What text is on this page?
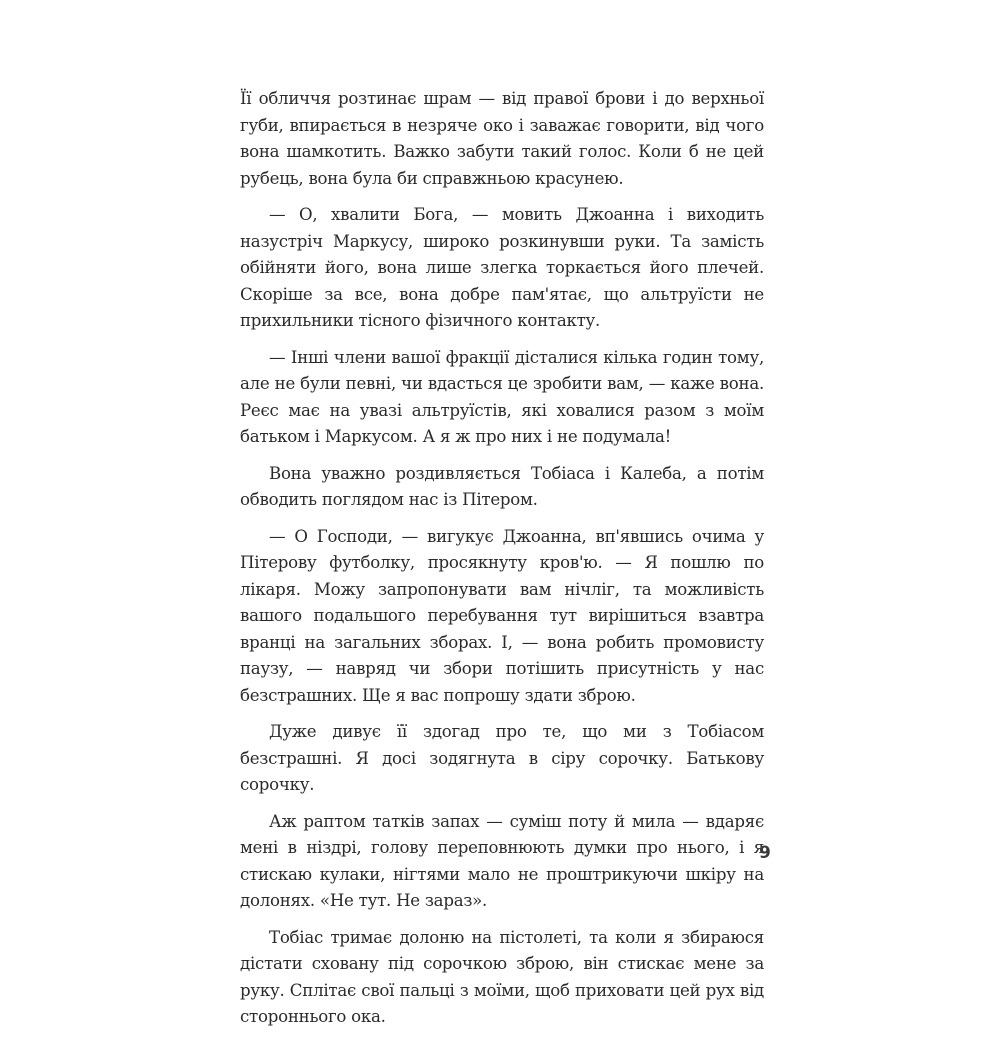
Її обличчя розтинає шрам — від правої брови і до верхньої губи, впирається в незряче око і заважає говорити, від чого вона шамкотить. Важко забути такий голос. Коли б не цей рубець, вона була би справжньою красунею.

— О, хвалити Бога, — мовить Джоанна і виходить назустріч Маркусу, широко розкинувши руки. Та замість обійняти його, вона лише злегка торкається його плечей. Скоріше за все, вона добре пам'ятає, що альтруїсти не прихильники тісного фізичного контакту.

— Інші члени вашої фракції дісталися кілька годин тому, але не були певні, чи вдасться це зробити вам, — каже вона. Реєс має на увазі альтруїстів, які ховалися разом з моїм батьком і Маркусом. А я ж про них і не подумала!

Вона уважно роздивляється Тобіаса і Калеба, а потім обводить поглядом нас із Пітером.

— О Господи, — вигукує Джоанна, вп'явшись очима у Пітерову футболку, просякнуту кров'ю. — Я пошлю по лікаря. Можу запропонувати вам нічліг, та можливість вашого подальшого перебування тут вирішиться взавтра вранці на загальних зборах. І, — вона робить промовисту паузу, — навряд чи збори потішить присутність у нас безстрашних. Ще я вас попрошу здати зброю.

Дуже дивує її здогад про те, що ми з Тобіасом безстрашні. Я досі зодягнута в сіру сорочку. Батькову сорочку.

Аж раптом татків запах — суміш поту й мила — вдаряє мені в ніздрі, голову переповнюють думки про нього, і я стискаю кулаки, нігтями мало не проштрикуючи шкіру на долонях. «Не тут. Не зараз».

Тобіас тримає долоню на пістолеті, та коли я збираюся дістати сховану під сорочкою зброю, він стискає мене за руку. Сплітає свої пальці з моїми, щоб приховати цей рух від стороннього ока.

9
